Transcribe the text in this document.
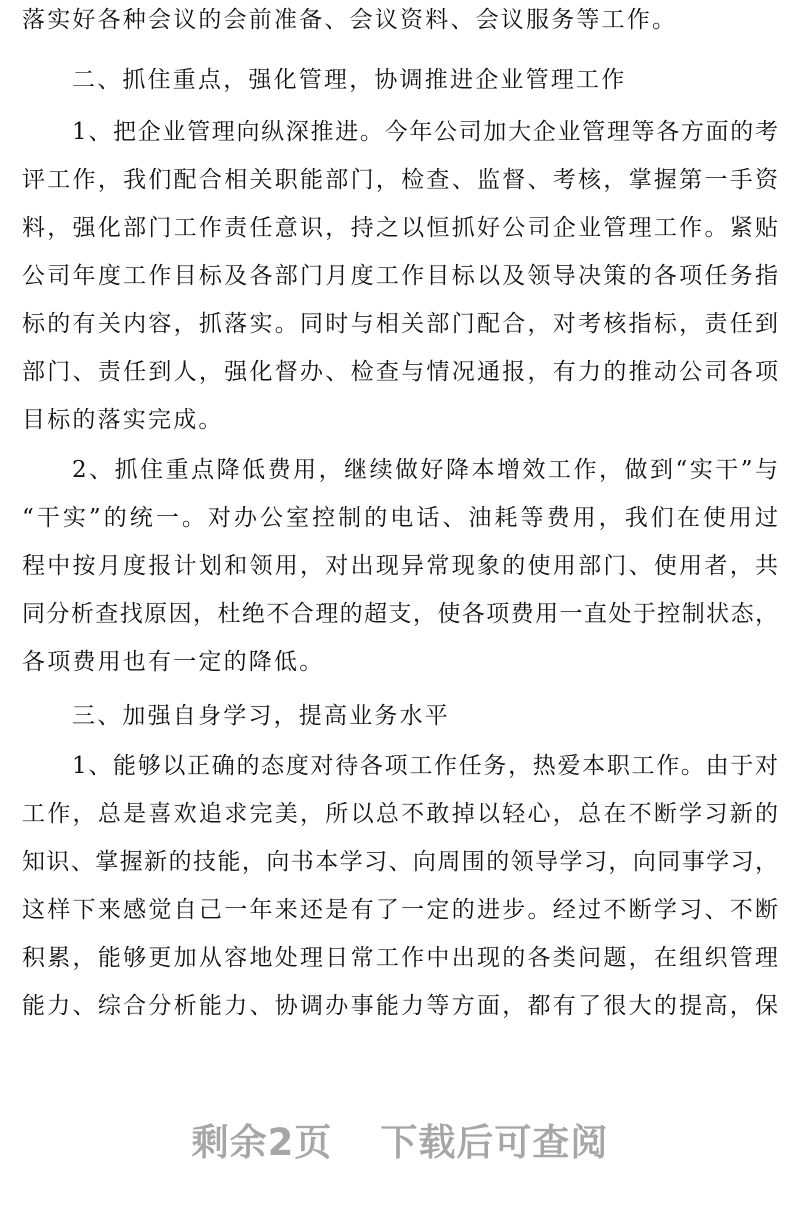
落实好各种会议的会前准备、会议资料、会议服务等工作。
二、抓住重点，强化管理，协调推进企业管理工作
1、把企业管理向纵深推进。今年公司加大企业管理等各方面的考
评工作，我们配合相关职能部门，检查、监督、考核，掌握第一手资
料，强化部门工作责任意识，持之以恒抓好公司企业管理工作。紧贴
公司年度工作目标及各部门月度工作目标以及领导决策的各项任务指
标的有关内容，抓落实。同时与相关部门配合，对考核指标，责任到
部门、责任到人，强化督办、检查与情况通报，有力的推动公司各项
目标的落实完成。
2、抓住重点降低费用，继续做好降本增效工作，做到“实干”与
“干实”的统一。对办公室控制的电话、油耗等费用，我们在使用过
程中按月度报计划和领用，对出现异常现象的使用部门、使用者，共
同分析查找原因，杜绝不合理的超支，使各项费用一直处于控制状态，
各项费用也有一定的降低。
三、加强自身学习，提高业务水平
1、能够以正确的态度对待各项工作任务，热爱本职工作。由于对
工作，总是喜欢追求完美，所以总不敢掉以轻心，总在不断学习新的
知识、掌握新的技能，向书本学习、向周围的领导学习，向同事学习，
这样下来感觉自己一年来还是有了一定的进步。经过不断学习、不断
积累，能够更加从容地处理日常工作中出现的各类问题，在组织管理
能力、综合分析能力、协调办事能力等方面，都有了很大的提高，保
剩余2页 下载后可查阅
